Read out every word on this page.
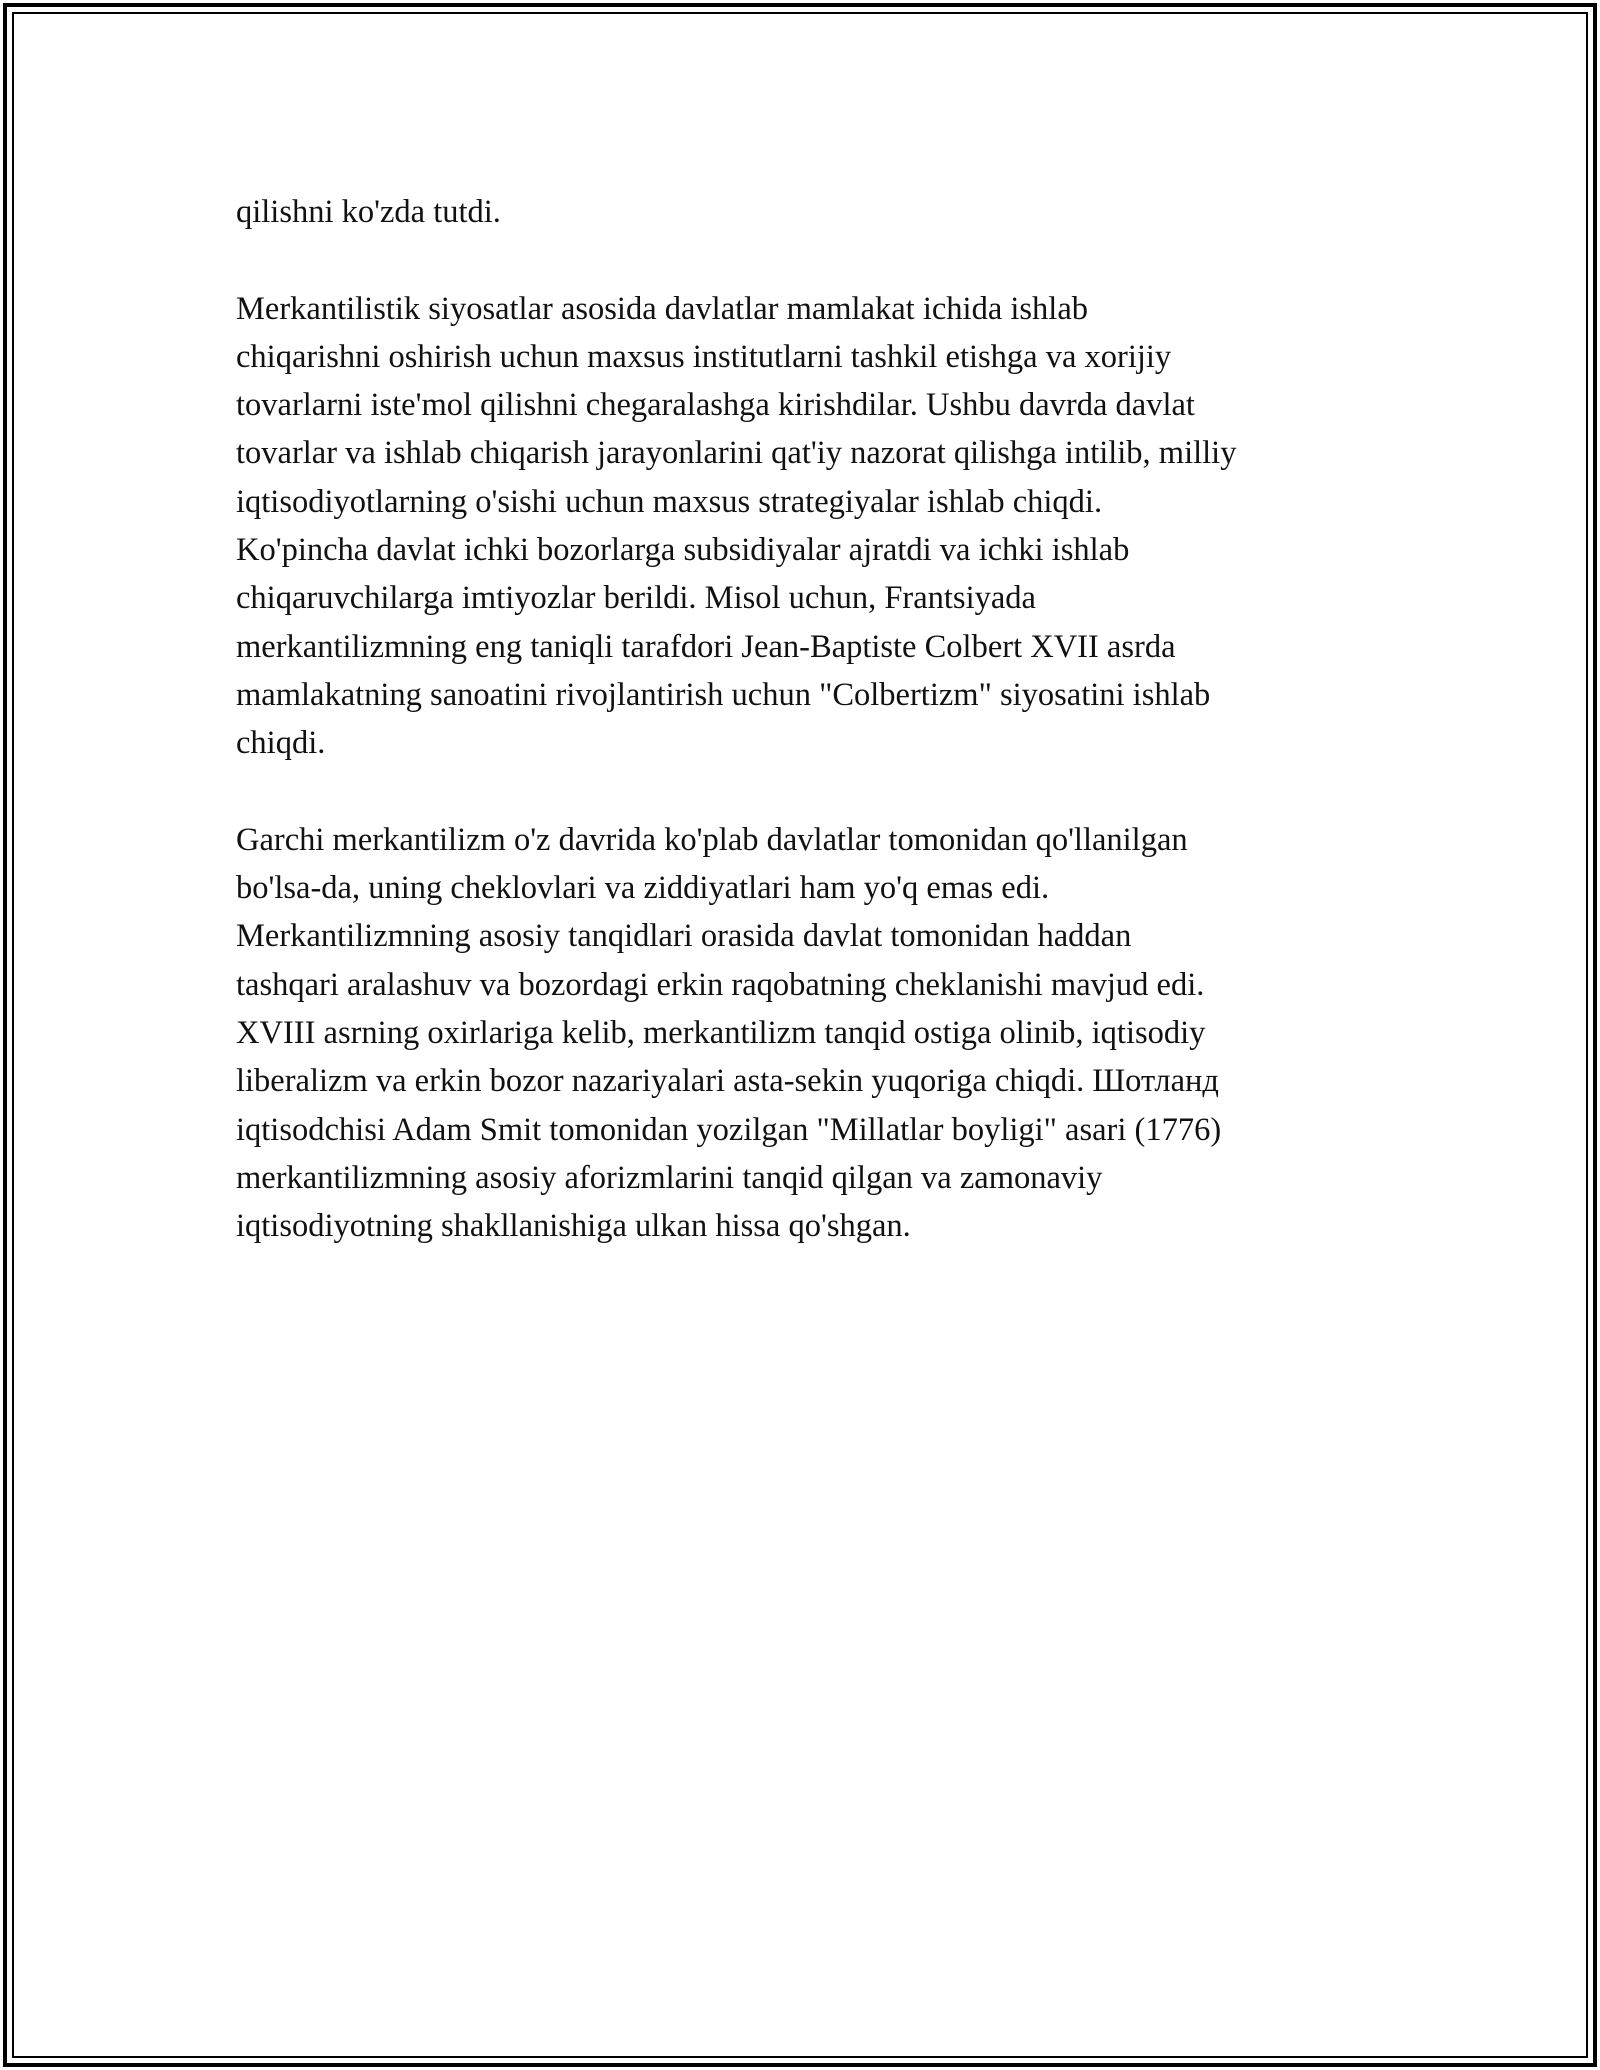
qilishni ko'zda tutdi.

Merkantilistik siyosatlar asosida davlatlar mamlakat ichida ishlab
chiqarishni oshirish uchun maxsus institutlarni tashkil etishga va xorijiy
tovarlarni iste'mol qilishni chegaralashga kirishdilar. Ushbu davrda davlat
tovarlar va ishlab chiqarish jarayonlarini qat'iy nazorat qilishga intilib, milliy
iqtisodiyotlarning o'sishi uchun maxsus strategiyalar ishlab chiqdi.
Ko'pincha davlat ichki bozorlarga subsidiyalar ajratdi va ichki ishlab
chiqaruvchilarga imtiyozlar berildi. Misol uchun, Frantsiyada
merkantilizmning eng taniqli tarafdori Jean-Baptiste Colbert XVII asrda
mamlakatning sanoatini rivojlantirish uchun "Colbertizm" siyosatini ishlab
chiqdi.

Garchi merkantilizm o'z davrida ko'plab davlatlar tomonidan qo'llanilgan
bo'lsa-da, uning cheklovlari va ziddiyatlari ham yo'q emas edi.
Merkantilizmning asosiy tanqidlari orasida davlat tomonidan haddan
tashqari aralashuv va bozordagi erkin raqobatning cheklanishi mavjud edi.
XVIII asrning oxirlariga kelib, merkantilizm tanqid ostiga olinib, iqtisodiy
liberalizm va erkin bozor nazariyalari asta-sekin yuqoriga chiqdi. Шотланд
iqtisodchisi Adam Smit tomonidan yozilgan "Millatlar boyligi" asari (1776)
merkantilizmning asosiy aforizmlarini tanqid qilgan va zamonaviy
iqtisodiyotning shakllanishiga ulkan hissa qo'shgan.
